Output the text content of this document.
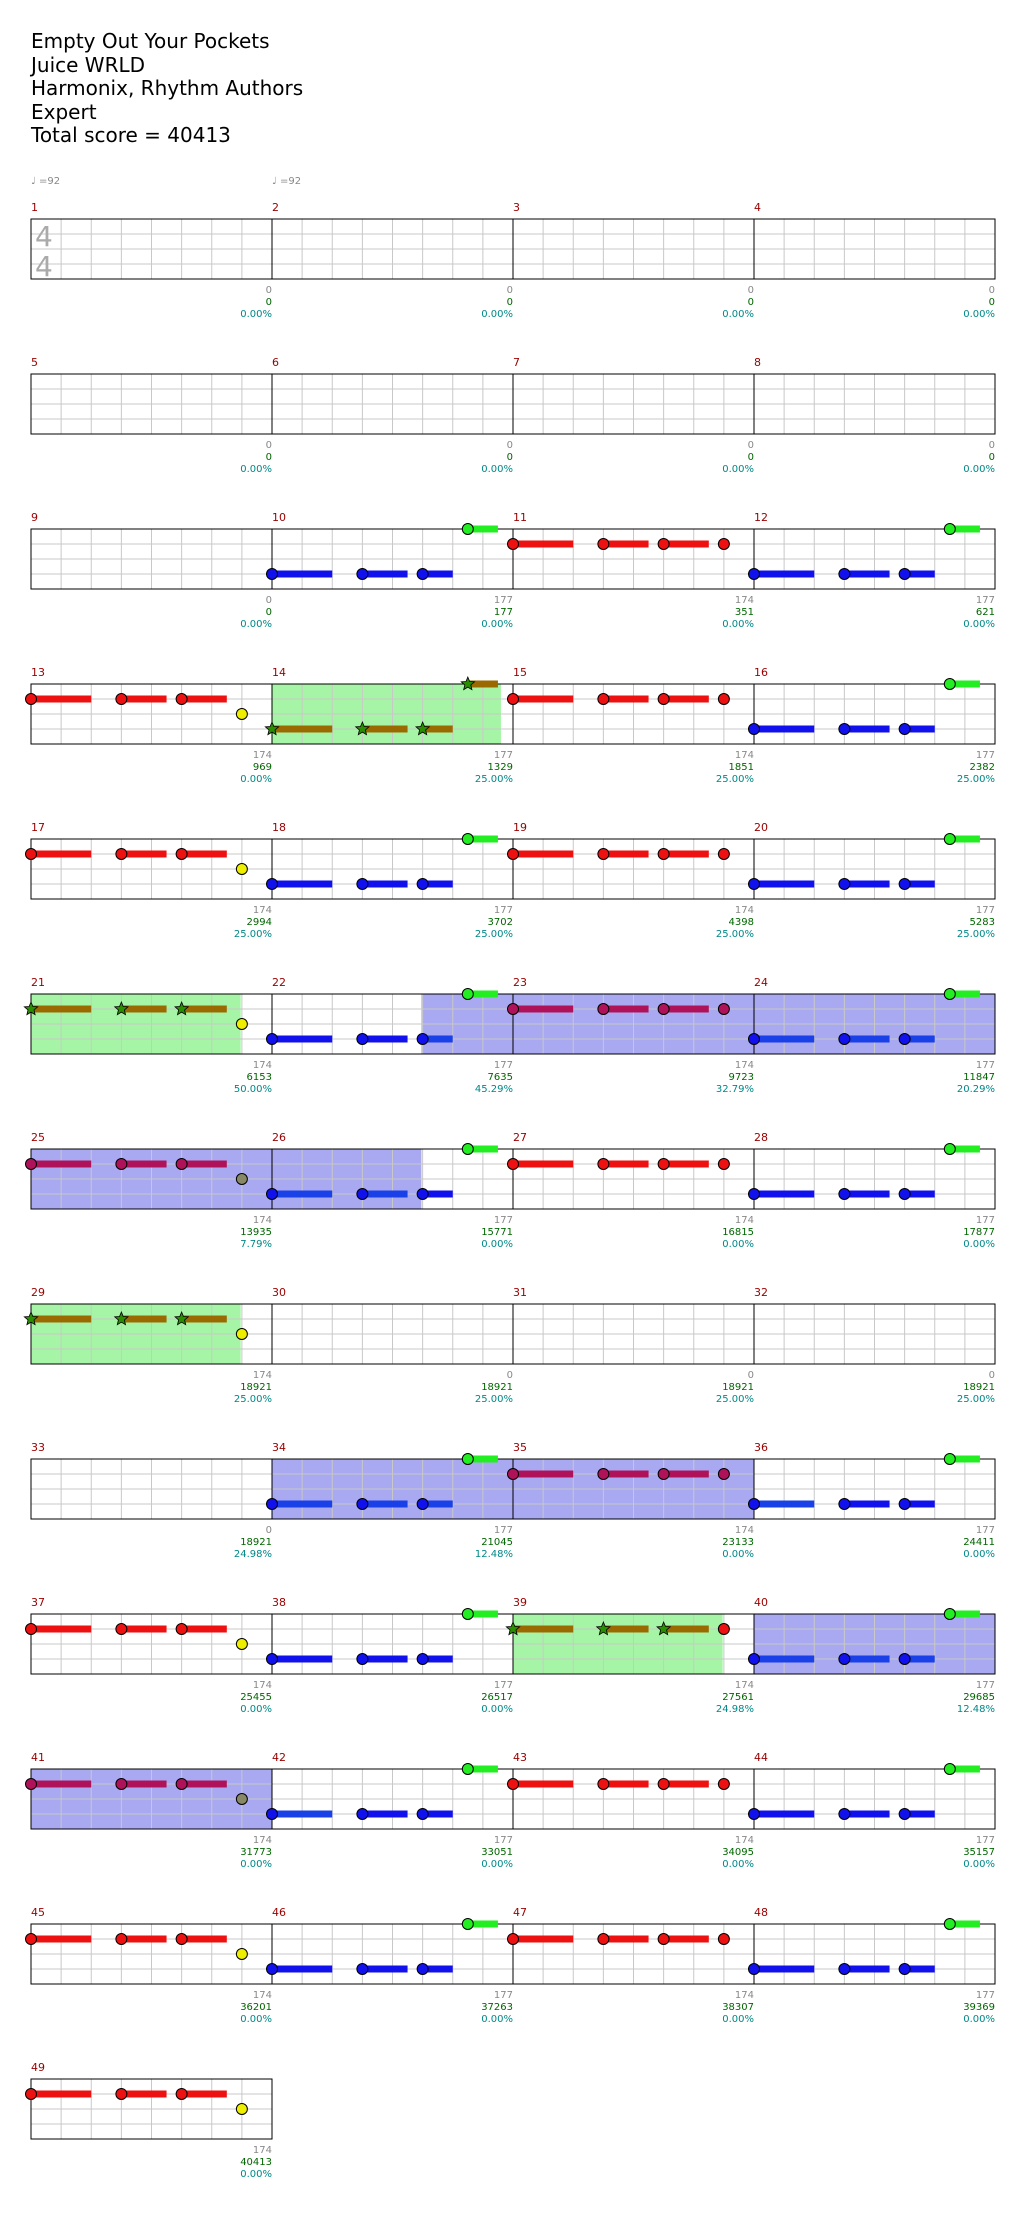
Empty Out Your Pockets
Juice WRLD
Harmonix, Rhythm Authors
Expert
Total score = 40413
1	2	3	4
5	6	7	8
9	10	11	12
13	14	15	16
17	18	19	20
21	22	23	24
25	26	27	28
29	30	31	32
33	34	35	36
37	38	39	40
41	42	43	44
45	46	47	48
49
4
4
♩ =92	♩ =92
0
0
0.00%
0
0
0.00%
0
0
0.00%
0
0
0.00%
0
0
0.00%
0
0
0.00%
0
0
0.00%
0
0
0.00%
0
0
0.00%
177
177
0.00%
174
351
0.00%
177
621
0.00%
174
969
0.00%
177
1329
25.00%
174
1851
25.00%
177
2382
25.00%
174
2994
25.00%
177
3702
25.00%
174
4398
25.00%
177
5283
25.00%
174
6153
50.00%
177
7635
45.29%
174
9723
32.79%
177
11847
20.29%
174
13935
7.79%
177
15771
0.00%
174
16815
0.00%
177
17877
0.00%
174
18921
25.00%
0
18921
25.00%
0
18921
25.00%
0
18921
25.00%
0
18921
24.98%
177
21045
12.48%
174
23133
0.00%
177
24411
0.00%
174
25455
0.00%
177
26517
0.00%
174
27561
24.98%
177
29685
12.48%
174
31773
0.00%
177
33051
0.00%
174
34095
0.00%
177
35157
0.00%
174
36201
0.00%
177
37263
0.00%
174
38307
0.00%
177
39369
0.00%
174
40413
0.00%
